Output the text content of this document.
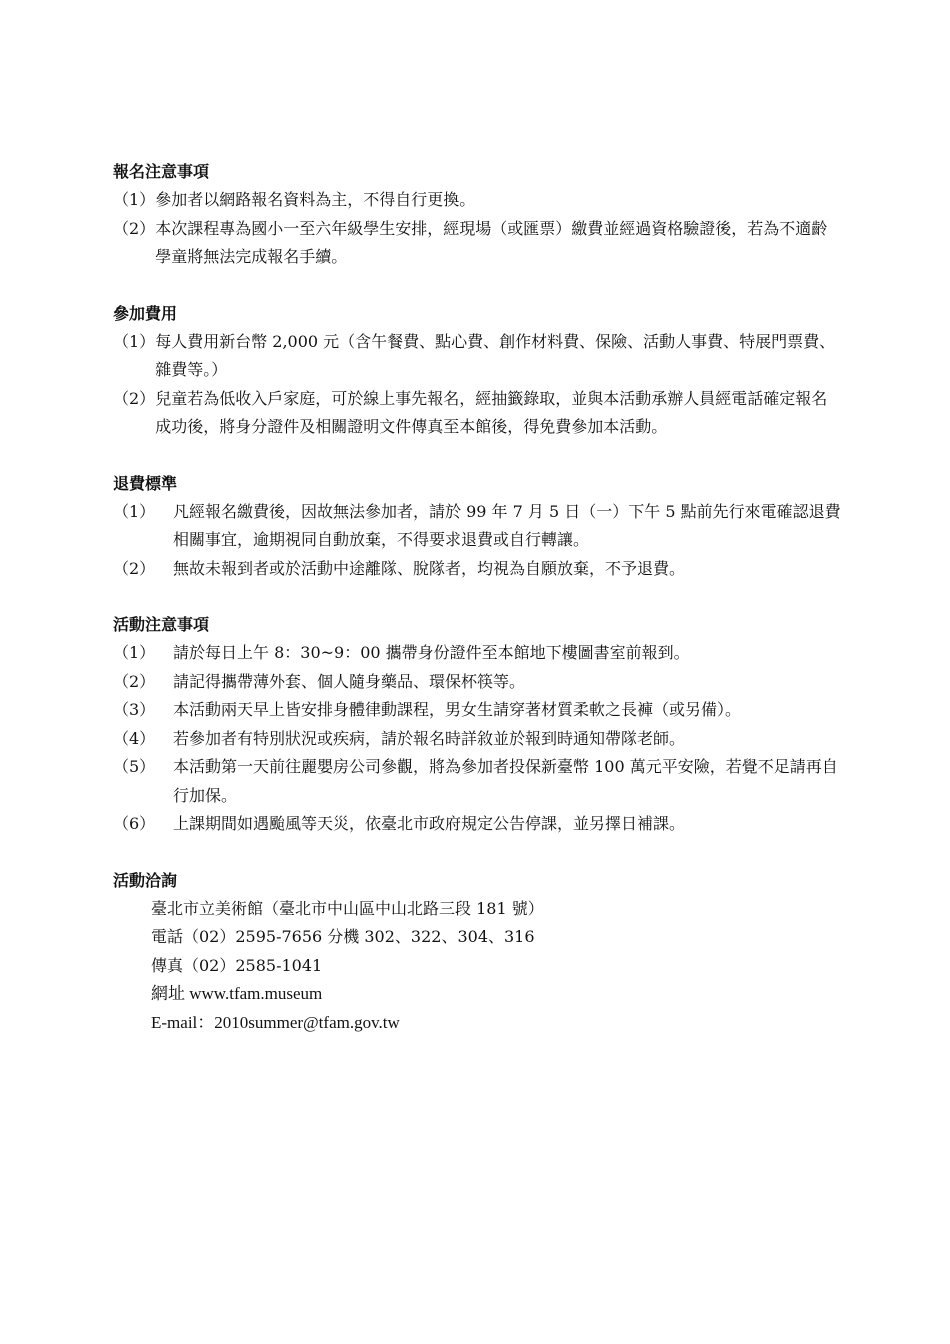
報名注意事項
（1） 參加者以網路報名資料為主，不得自行更換。
（2） 本次課程專為國小一至六年級學生安排，經現場（或匯票）繳費並經過資格驗證後，若為不適齡學童將無法完成報名手續。
參加費用
（1） 每人費用新台幣 2,000 元（含午餐費、點心費、創作材料費、保險、活動人事費、特展門票費、雜費等。）
（2） 兒童若為低收入戶家庭，可於線上事先報名，經抽籤錄取，並與本活動承辦人員經電話確定報名成功後，將身分證件及相關證明文件傳真至本館後，得免費參加本活動。
退費標準
（1）	凡經報名繳費後，因故無法參加者，請於 99 年 7 月 5 日（一）下午 5 點前先行來電確認退費相關事宜，逾期視同自動放棄，不得要求退費或自行轉讓。
（2）	無故未報到者或於活動中途離隊、脫隊者，均視為自願放棄，不予退費。
活動注意事項
（1）	請於每日上午 8：30~9：00 攜帶身份證件至本館地下樓圖書室前報到。
（2）	請記得攜帶薄外套、個人隨身藥品、環保杯筷等。
（3）	本活動兩天早上皆安排身體律動課程，男女生請穿著材質柔軟之長褲（或另備）。
（4）	若參加者有特別狀況或疾病，請於報名時詳敘並於報到時通知帶隊老師。
（5）	本活動第一天前往麗嬰房公司參觀，將為參加者投保新臺幣 100 萬元平安險，若覺不足請再自行加保。
（6）	上課期間如遇颱風等天災，依臺北市政府規定公告停課，並另擇日補課。
活動洽詢
臺北市立美術館（臺北市中山區中山北路三段 181 號）
電話（02）2595-7656 分機 302、322、304、316
傳真（02）2585-1041
網址 www.tfam.museum
E-mail：2010summer@tfam.gov.tw
